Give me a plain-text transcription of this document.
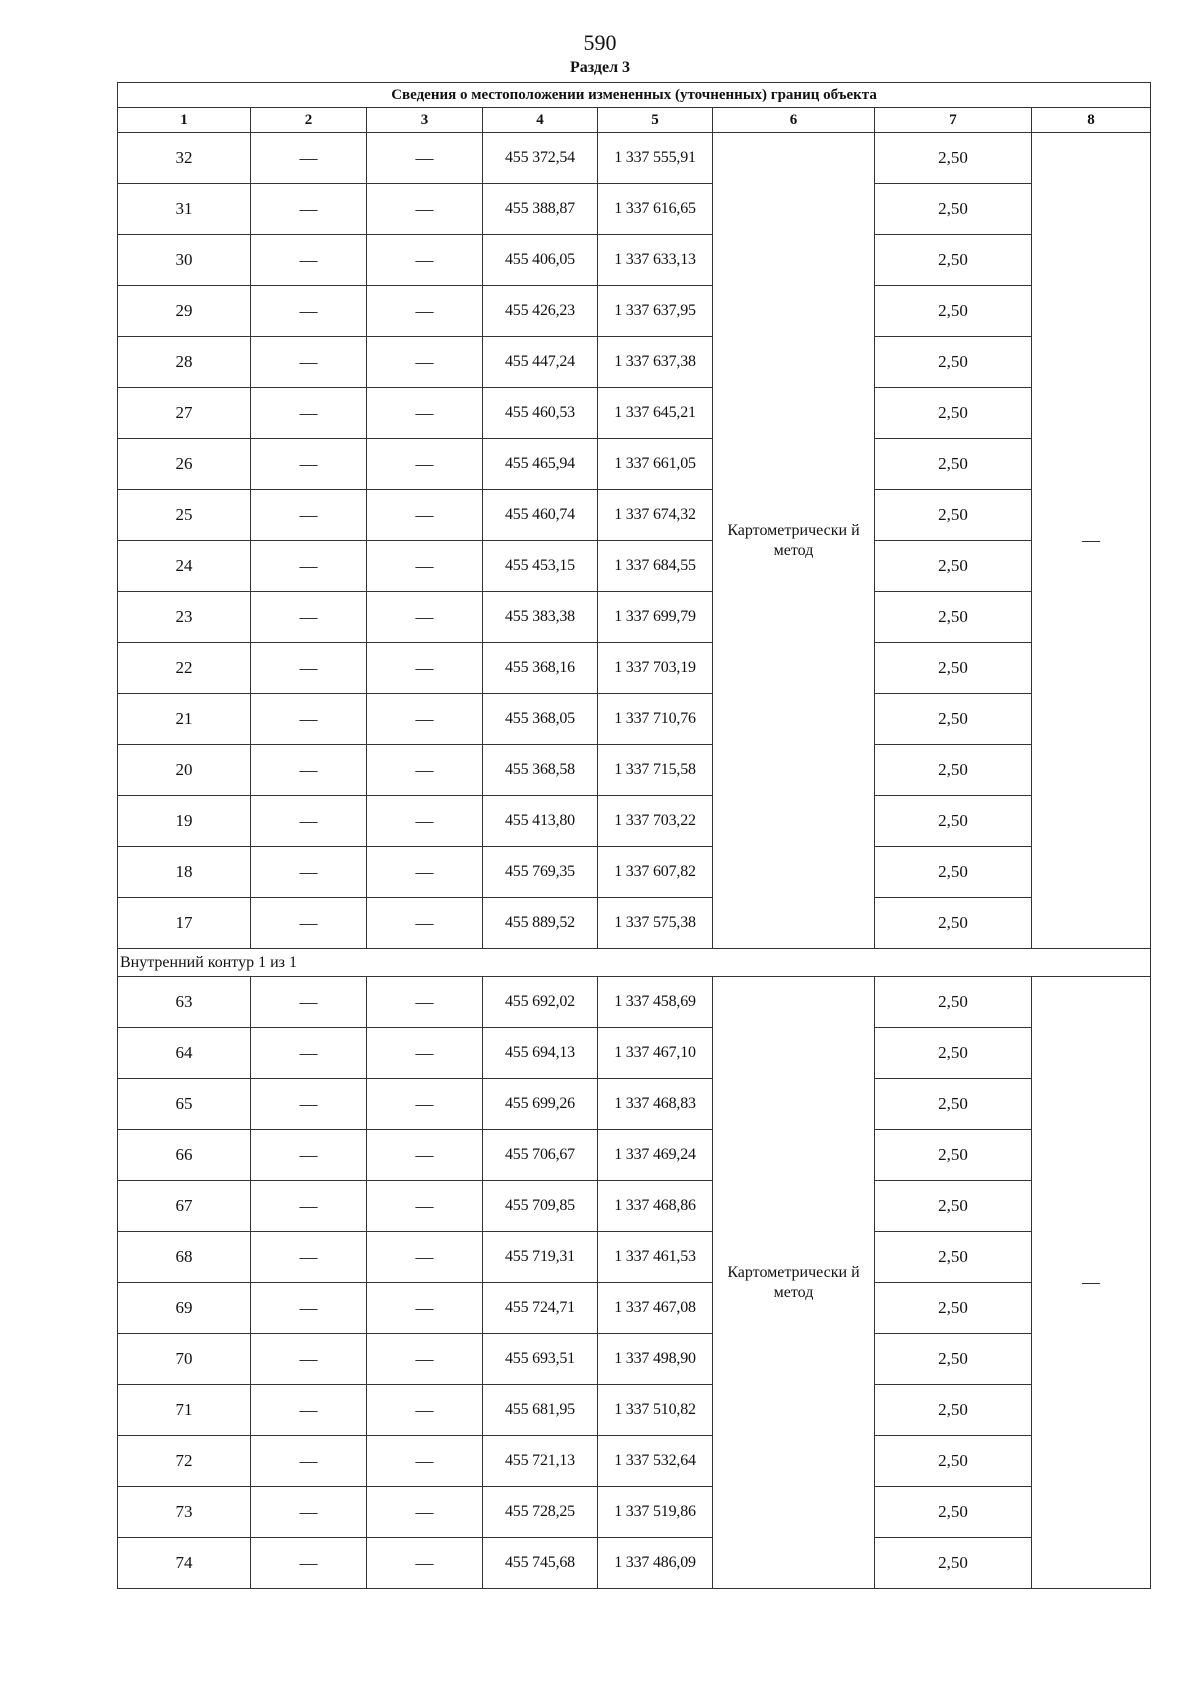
590
Раздел 3
Сведения о местоположении измененных (уточненных) границ объекта							
1	2	3	4	5	6	7	8
32	—	—	455 372,54	1 337 555,91	Картометрически й метод	2,50	—
31	—	—	455 388,87	1 337 616,65		2,50	
30	—	—	455 406,05	1 337 633,13		2,50	
29	—	—	455 426,23	1 337 637,95		2,50	
28	—	—	455 447,24	1 337 637,38		2,50	
27	—	—	455 460,53	1 337 645,21		2,50	
26	—	—	455 465,94	1 337 661,05		2,50	
25	—	—	455 460,74	1 337 674,32		2,50	
24	—	—	455 453,15	1 337 684,55		2,50	
23	—	—	455 383,38	1 337 699,79		2,50	
22	—	—	455 368,16	1 337 703,19		2,50	
21	—	—	455 368,05	1 337 710,76		2,50	
20	—	—	455 368,58	1 337 715,58		2,50	
19	—	—	455 413,80	1 337 703,22		2,50	
18	—	—	455 769,35	1 337 607,82		2,50	
17	—	—	455 889,52	1 337 575,38		2,50	
Внутренний контур 1 из 1							
63	—	—	455 692,02	1 337 458,69	Картометрически й метод	2,50	—
64	—	—	455 694,13	1 337 467,10		2,50	
65	—	—	455 699,26	1 337 468,83		2,50	
66	—	—	455 706,67	1 337 469,24		2,50	
67	—	—	455 709,85	1 337 468,86		2,50	
68	—	—	455 719,31	1 337 461,53		2,50	
69	—	—	455 724,71	1 337 467,08		2,50	
70	—	—	455 693,51	1 337 498,90		2,50	
71	—	—	455 681,95	1 337 510,82		2,50	
72	—	—	455 721,13	1 337 532,64		2,50	
73	—	—	455 728,25	1 337 519,86		2,50	
74	—	—	455 745,68	1 337 486,09		2,50	
